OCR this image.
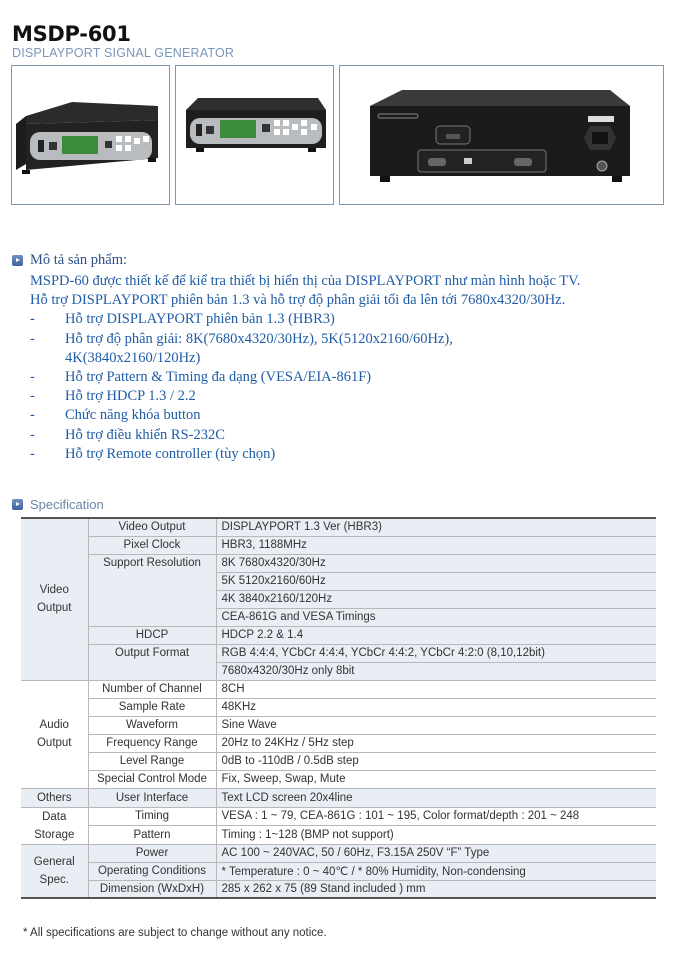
MSDP-601
DISPLAYPORT SIGNAL GENERATOR
Mô tả sản phẩm:
MSPD-60 được thiết kế để kiể tra thiết bị hiển thị của DISPLAYPORT như màn hình hoặc TV.
Hỗ trợ DISPLAYPORT phiên bản 1.3 và hỗ trợ độ phân giải tối đa lên tới 7680x4320/30Hz.
-	Hỗ trợ DISPLAYPORT phiên bản 1.3 (HBR3)
-	Hỗ trợ độ phân giải: 8K(7680x4320/30Hz), 5K(5120x2160/60Hz),
4K(3840x2160/120Hz)
-	Hỗ trợ Pattern & Timing đa dạng (VESA/EIA-861F)
-	Hỗ trợ HDCP 1.3 / 2.2
-	Chức năng khóa button
-	Hỗ trợ điều khiển RS-232C
-	Hỗ trợ Remote controller (tùy chọn)
Specification
Video Output	Video Output	DISPLAYPORT 1.3 Ver (HBR3)
	Pixel Clock	HBR3, 1188MHz
	Support Resolution	8K 7680x4320/30Hz
		5K 5120x2160/60Hz
		4K 3840x2160/120Hz
		CEA-861G and VESA Timings
	HDCP	HDCP 2.2 & 1.4
	Output Format	RGB 4:4:4, YCbCr 4:4:4, YCbCr 4:4:2, YCbCr 4:2:0 (8,10,12bit)
		7680x4320/30Hz only 8bit
Audio Output	Number of Channel	8CH
	Sample Rate	48KHz
	Waveform	Sine Wave
	Frequency Range	20Hz to 24KHz / 5Hz step
	Level Range	0dB to -110dB / 0.5dB step
	Special Control Mode	Fix, Sweep, Swap, Mute
Others	User Interface	Text LCD screen 20x4line
Data Storage	Timing	VESA : 1 ~ 79, CEA-861G : 101 ~ 195, Color format/depth : 201 ~ 248
	Pattern	Timing : 1~128 (BMP not support)
General Spec.	Power	AC 100 ~ 240VAC, 50 / 60Hz, F3.15A 250V “F” Type
	Operating Conditions	* Temperature : 0 ~ 40℃ / * 80% Humidity, Non-condensing
	Dimension (WxDxH)	285 x 262 x 75 (89 Stand included ) mm
* All specifications are subject to change without any notice.
